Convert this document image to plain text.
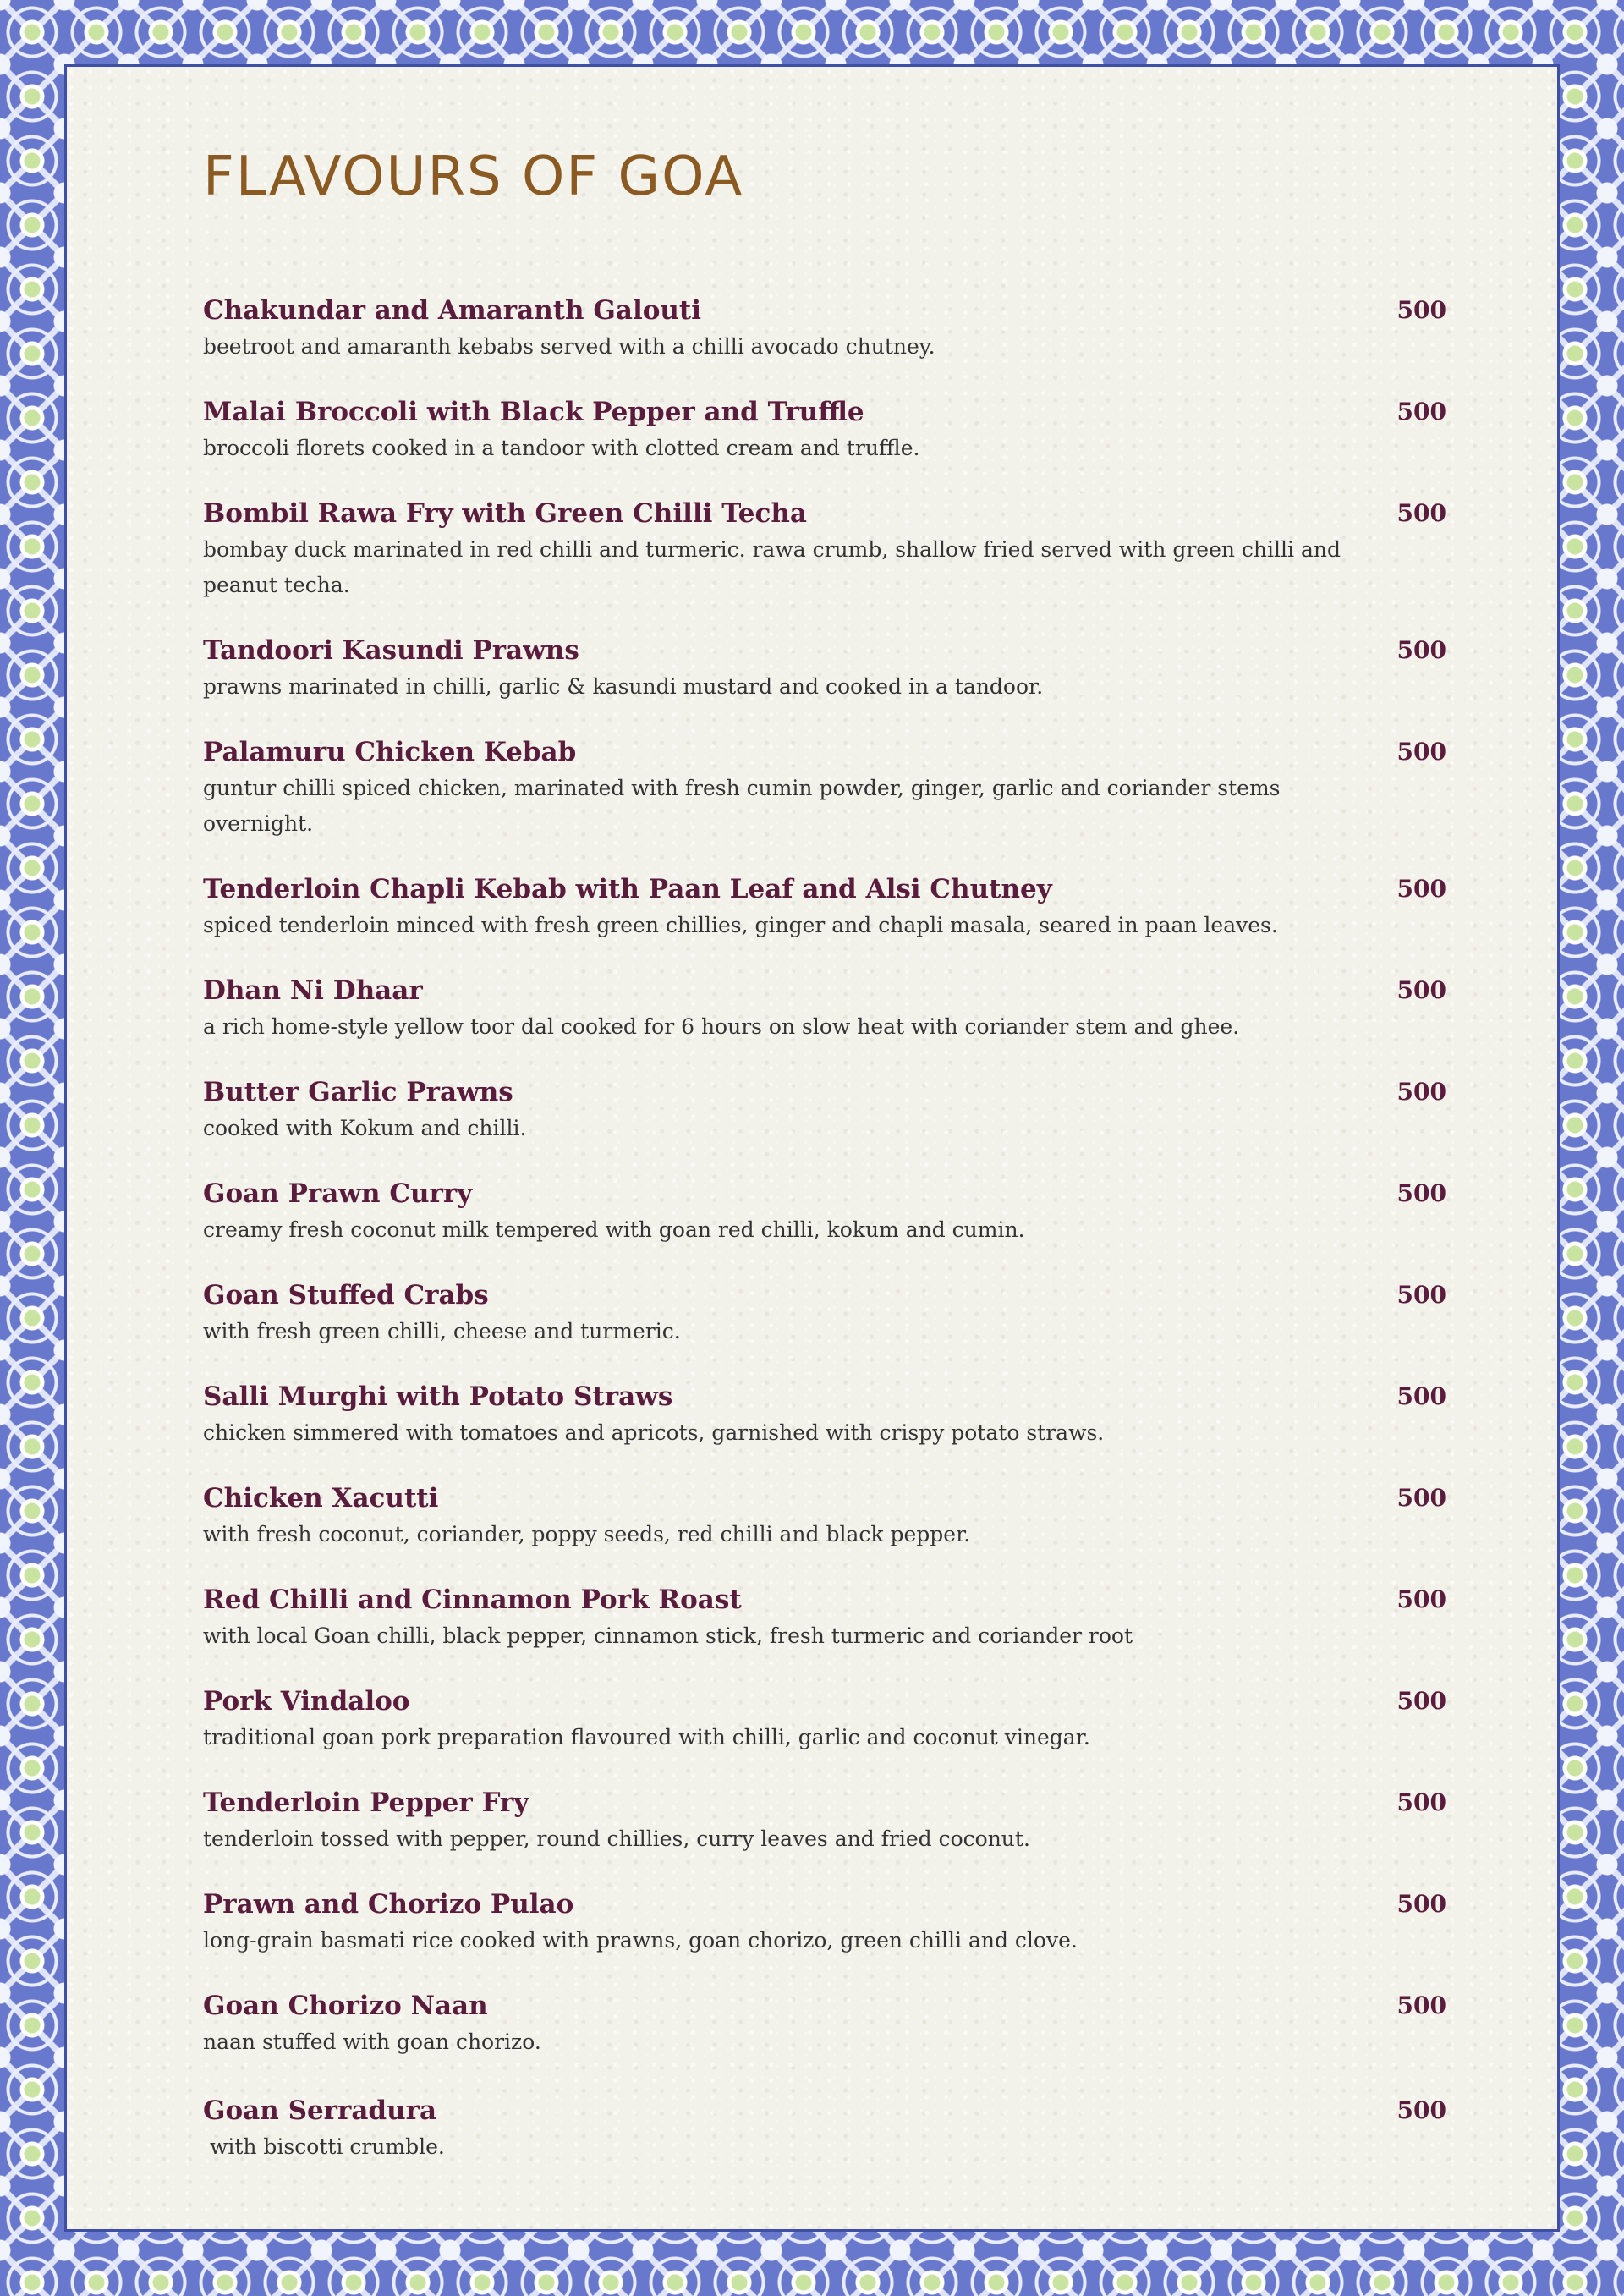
FLAVOURS OF GOA
Chakundar and Amaranth Galouti
beetroot and amaranth kebabs served with a chilli avocado chutney.
500
Malai Broccoli with Black Pepper and Truffle
broccoli florets cooked in a tandoor with clotted cream and truffle.
500
Bombil Rawa Fry with Green Chilli Techa
bombay duck marinated in red chilli and turmeric. rawa crumb, shallow fried served with green chilli and peanut techa.
500
Tandoori Kasundi Prawns
prawns marinated in chilli, garlic & kasundi mustard and cooked in a tandoor.
500
Palamuru Chicken Kebab
guntur chilli spiced chicken, marinated with fresh cumin powder, ginger, garlic and coriander stems overnight.
500
Tenderloin Chapli Kebab with Paan Leaf and Alsi Chutney
spiced tenderloin minced with fresh green chillies, ginger and chapli masala, seared in paan leaves.
500
Dhan Ni Dhaar
a rich home-style yellow toor dal cooked for 6 hours on slow heat with coriander stem and ghee.
500
Butter Garlic Prawns
cooked with Kokum and chilli.
500
Goan Prawn Curry
creamy fresh coconut milk tempered with goan red chilli, kokum and cumin.
500
Goan Stuffed Crabs
with fresh green chilli, cheese and turmeric.
500
Salli Murghi with Potato Straws
chicken simmered with tomatoes and apricots, garnished with crispy potato straws.
500
Chicken Xacutti
with fresh coconut, coriander, poppy seeds, red chilli and black pepper.
500
Red Chilli and Cinnamon Pork Roast
with local Goan chilli, black pepper, cinnamon stick, fresh turmeric and coriander root
500
Pork Vindaloo
traditional goan pork preparation flavoured with chilli, garlic and coconut vinegar.
500
Tenderloin Pepper Fry
tenderloin tossed with pepper, round chillies, curry leaves and fried coconut.
500
Prawn and Chorizo Pulao
long-grain basmati rice cooked with prawns, goan chorizo, green chilli and clove.
500
Goan Chorizo Naan
naan stuffed with goan chorizo.
500
Goan Serradura
with biscotti crumble.
500
